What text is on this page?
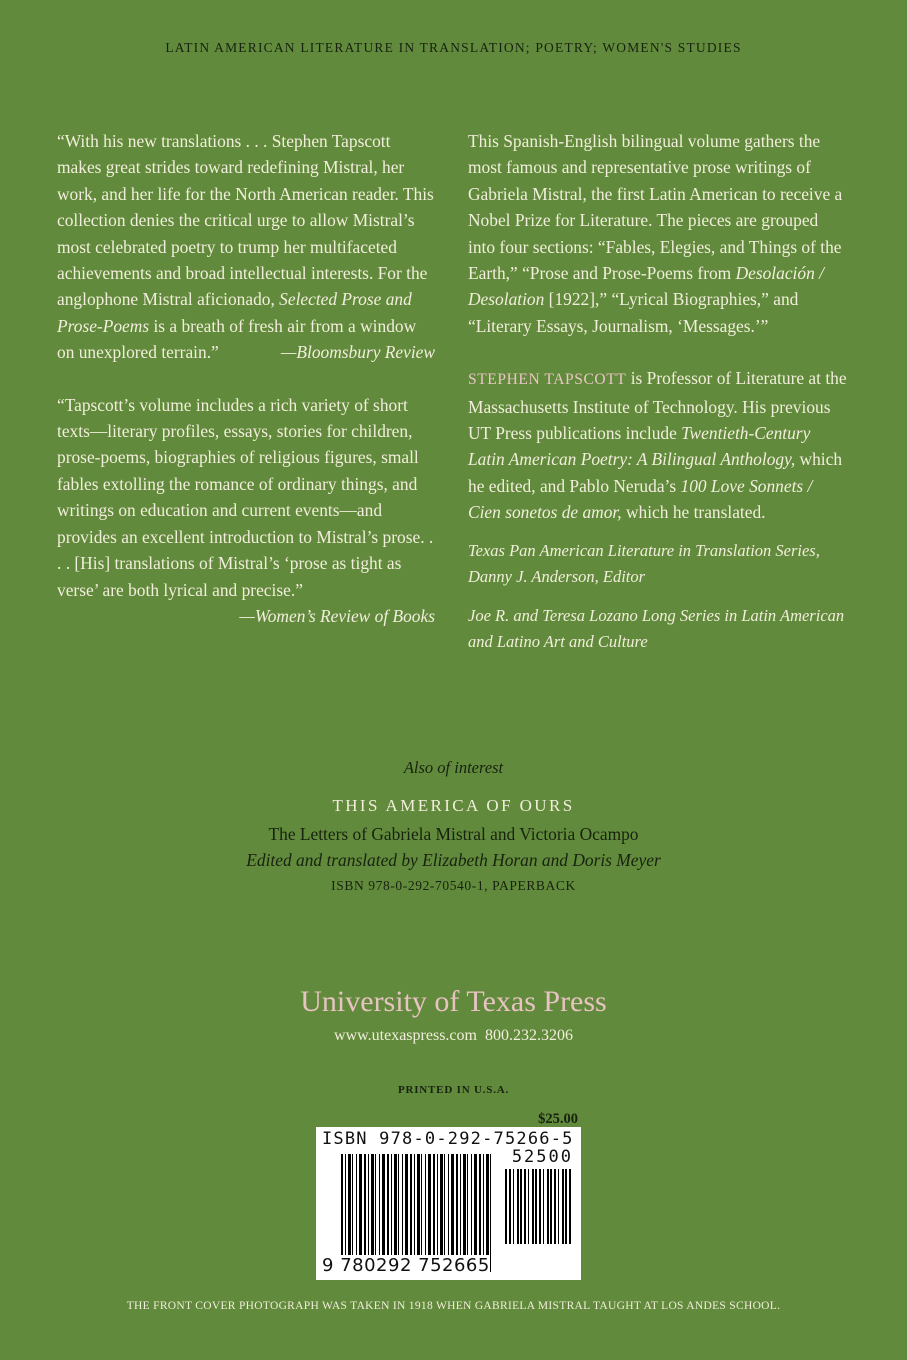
LATIN AMERICAN LITERATURE IN TRANSLATION; POETRY; WOMEN'S STUDIES

“With his new translations . . . Stephen Tapscott makes great strides toward redefining Mistral, her work, and her life for the North American reader. This collection denies the critical urge to allow Mistral’s most celebrated poetry to trump her multifaceted achievements and broad intellectual interests. For the anglophone Mistral aficionado, Selected Prose and Prose-Poems is a breath of fresh air from a window on unexplored terrain.”	—Bloomsbury Review

“Tapscott’s volume includes a rich variety of short texts—literary profiles, essays, stories for children, prose-poems, biographies of religious figures, small fables extolling the romance of ordinary things, and writings on education and current events—and provides an excellent introduction to Mistral’s prose. . . . [His] translations of Mistral’s ‘prose as tight as verse’ are both lyrical and precise.”

—Women’s Review of Books

This Spanish-English bilingual volume gathers the most famous and representative prose writings of Gabriela Mistral, the first Latin American to receive a Nobel Prize for Literature. The pieces are grouped into four sections: “Fables, Elegies, and Things of the Earth,” “Prose and Prose-Poems from Desolación / Desolation [1922],” “Lyrical Biographies,” and “Literary Essays, Journalism, ‘Messages.’”

STEPHEN TAPSCOTT is Professor of Literature at the Massachusetts Institute of Technology. His previous UT Press publications include Twentieth-Century Latin American Poetry: A Bilingual Anthology, which he edited, and Pablo Neruda’s 100 Love Sonnets / Cien sonetos de amor, which he translated.

Texas Pan American Literature in Translation Series, Danny J. Anderson, Editor

Joe R. and Teresa Lozano Long Series in Latin American and Latino Art and Culture

Also of interest
THIS AMERICA OF OURS
The Letters of Gabriela Mistral and Victoria Ocampo
Edited and translated by Elizabeth Horan and Doris Meyer
ISBN 978-0-292-70540-1, PAPERBACK
University of Texas Press
www.utexaspress.com 800.232.3206
PRINTED IN U.S.A.
$25.00
ISBN 978-0-292-75266-5
52500
9 780292 752665
THE FRONT COVER PHOTOGRAPH WAS TAKEN IN 1918 WHEN GABRIELA MISTRAL TAUGHT AT LOS ANDES SCHOOL.
